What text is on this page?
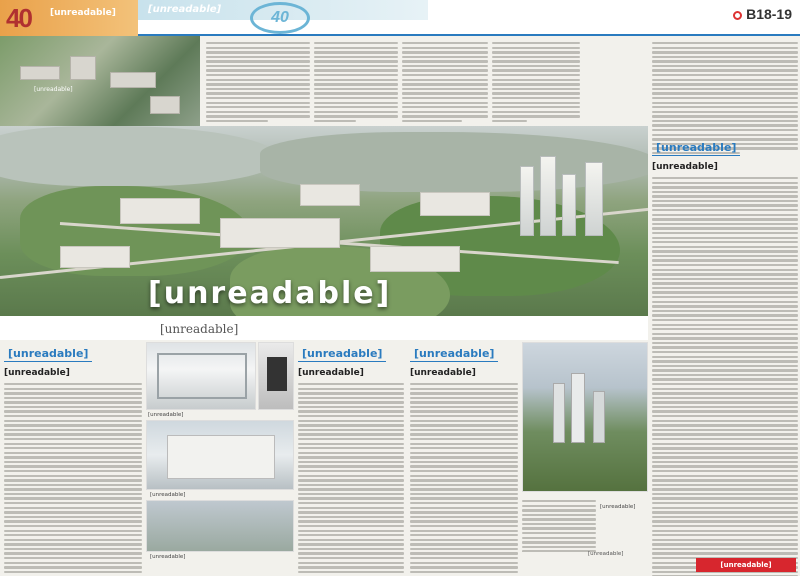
40 [unreadable]	[unreadable]	40	B18-19
[unreadable]
[unreadable]
[unreadable]
[unreadable]
[unreadable]
[unreadable]
[unreadable]
[unreadable]
[unreadable]
[unreadable]
[unreadable]
[unreadable]
[unreadable]
[unreadable]
[unreadable]
[unreadable]
[unreadable]
